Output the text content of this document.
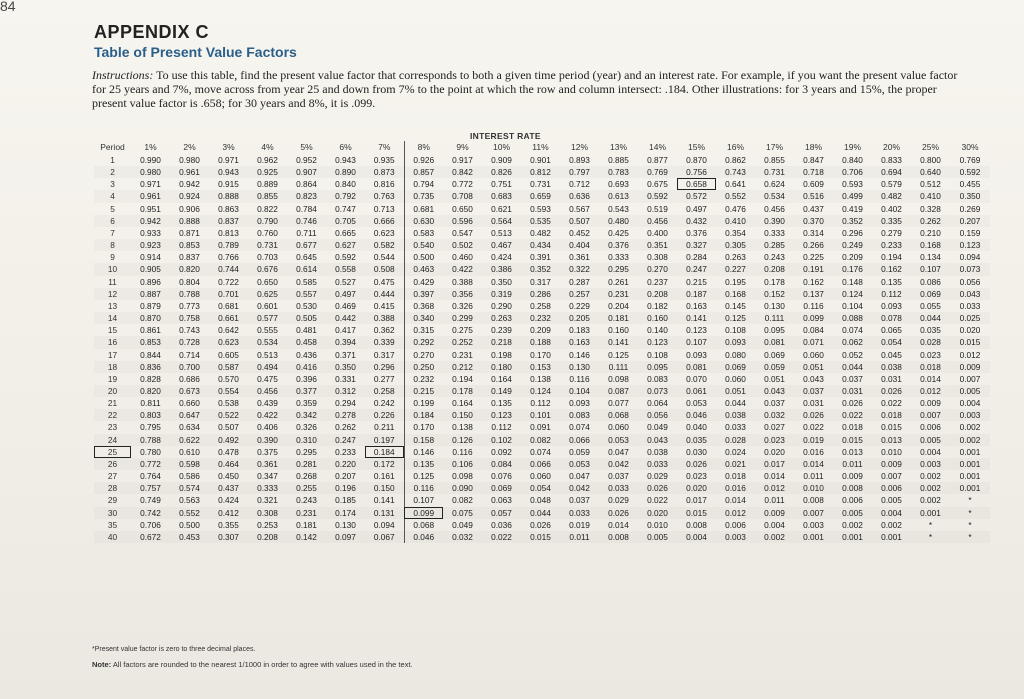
84
APPENDIX C
Table of Present Value Factors
Instructions: To use this table, find the present value factor that corresponds to both a given time period (year) and an interest rate. For example, if you want the present value factor for 25 years and 7%, move across from year 25 and down from 7% to the point at which the row and column intersect: .184. Other illustrations: for 3 years and 15%, the proper present value factor is .658; for 30 years and 8%, it is .099.
INTEREST RATE
Period	1%	2%	3%	4%	5%	6%	7%	8%	9%	10%	11%	12%	13%	14%	15%	16%	17%	18%	19%	20%	25%	30%
1	0.990	0.980	0.971	0.962	0.952	0.943	0.935	0.926	0.917	0.909	0.901	0.893	0.885	0.877	0.870	0.862	0.855	0.847	0.840	0.833	0.800	0.769
2	0.980	0.961	0.943	0.925	0.907	0.890	0.873	0.857	0.842	0.826	0.812	0.797	0.783	0.769	0.756	0.743	0.731	0.718	0.706	0.694	0.640	0.592
3	0.971	0.942	0.915	0.889	0.864	0.840	0.816	0.794	0.772	0.751	0.731	0.712	0.693	0.675	0.658	0.641	0.624	0.609	0.593	0.579	0.512	0.455
4	0.961	0.924	0.888	0.855	0.823	0.792	0.763	0.735	0.708	0.683	0.659	0.636	0.613	0.592	0.572	0.552	0.534	0.516	0.499	0.482	0.410	0.350
5	0.951	0.906	0.863	0.822	0.784	0.747	0.713	0.681	0.650	0.621	0.593	0.567	0.543	0.519	0.497	0.476	0.456	0.437	0.419	0.402	0.328	0.269
6	0.942	0.888	0.837	0.790	0.746	0.705	0.666	0.630	0.596	0.564	0.535	0.507	0.480	0.456	0.432	0.410	0.390	0.370	0.352	0.335	0.262	0.207
7	0.933	0.871	0.813	0.760	0.711	0.665	0.623	0.583	0.547	0.513	0.482	0.452	0.425	0.400	0.376	0.354	0.333	0.314	0.296	0.279	0.210	0.159
8	0.923	0.853	0.789	0.731	0.677	0.627	0.582	0.540	0.502	0.467	0.434	0.404	0.376	0.351	0.327	0.305	0.285	0.266	0.249	0.233	0.168	0.123
9	0.914	0.837	0.766	0.703	0.645	0.592	0.544	0.500	0.460	0.424	0.391	0.361	0.333	0.308	0.284	0.263	0.243	0.225	0.209	0.194	0.134	0.094
10	0.905	0.820	0.744	0.676	0.614	0.558	0.508	0.463	0.422	0.386	0.352	0.322	0.295	0.270	0.247	0.227	0.208	0.191	0.176	0.162	0.107	0.073
11	0.896	0.804	0.722	0.650	0.585	0.527	0.475	0.429	0.388	0.350	0.317	0.287	0.261	0.237	0.215	0.195	0.178	0.162	0.148	0.135	0.086	0.056
12	0.887	0.788	0.701	0.625	0.557	0.497	0.444	0.397	0.356	0.319	0.286	0.257	0.231	0.208	0.187	0.168	0.152	0.137	0.124	0.112	0.069	0.043
13	0.879	0.773	0.681	0.601	0.530	0.469	0.415	0.368	0.326	0.290	0.258	0.229	0.204	0.182	0.163	0.145	0.130	0.116	0.104	0.093	0.055	0.033
14	0.870	0.758	0.661	0.577	0.505	0.442	0.388	0.340	0.299	0.263	0.232	0.205	0.181	0.160	0.141	0.125	0.111	0.099	0.088	0.078	0.044	0.025
15	0.861	0.743	0.642	0.555	0.481	0.417	0.362	0.315	0.275	0.239	0.209	0.183	0.160	0.140	0.123	0.108	0.095	0.084	0.074	0.065	0.035	0.020
16	0.853	0.728	0.623	0.534	0.458	0.394	0.339	0.292	0.252	0.218	0.188	0.163	0.141	0.123	0.107	0.093	0.081	0.071	0.062	0.054	0.028	0.015
17	0.844	0.714	0.605	0.513	0.436	0.371	0.317	0.270	0.231	0.198	0.170	0.146	0.125	0.108	0.093	0.080	0.069	0.060	0.052	0.045	0.023	0.012
18	0.836	0.700	0.587	0.494	0.416	0.350	0.296	0.250	0.212	0.180	0.153	0.130	0.111	0.095	0.081	0.069	0.059	0.051	0.044	0.038	0.018	0.009
19	0.828	0.686	0.570	0.475	0.396	0.331	0.277	0.232	0.194	0.164	0.138	0.116	0.098	0.083	0.070	0.060	0.051	0.043	0.037	0.031	0.014	0.007
20	0.820	0.673	0.554	0.456	0.377	0.312	0.258	0.215	0.178	0.149	0.124	0.104	0.087	0.073	0.061	0.051	0.043	0.037	0.031	0.026	0.012	0.005
21	0.811	0.660	0.538	0.439	0.359	0.294	0.242	0.199	0.164	0.135	0.112	0.093	0.077	0.064	0.053	0.044	0.037	0.031	0.026	0.022	0.009	0.004
22	0.803	0.647	0.522	0.422	0.342	0.278	0.226	0.184	0.150	0.123	0.101	0.083	0.068	0.056	0.046	0.038	0.032	0.026	0.022	0.018	0.007	0.003
23	0.795	0.634	0.507	0.406	0.326	0.262	0.211	0.170	0.138	0.112	0.091	0.074	0.060	0.049	0.040	0.033	0.027	0.022	0.018	0.015	0.006	0.002
24	0.788	0.622	0.492	0.390	0.310	0.247	0.197	0.158	0.126	0.102	0.082	0.066	0.053	0.043	0.035	0.028	0.023	0.019	0.015	0.013	0.005	0.002
25	0.780	0.610	0.478	0.375	0.295	0.233	0.184	0.146	0.116	0.092	0.074	0.059	0.047	0.038	0.030	0.024	0.020	0.016	0.013	0.010	0.004	0.001
26	0.772	0.598	0.464	0.361	0.281	0.220	0.172	0.135	0.106	0.084	0.066	0.053	0.042	0.033	0.026	0.021	0.017	0.014	0.011	0.009	0.003	0.001
27	0.764	0.586	0.450	0.347	0.268	0.207	0.161	0.125	0.098	0.076	0.060	0.047	0.037	0.029	0.023	0.018	0.014	0.011	0.009	0.007	0.002	0.001
28	0.757	0.574	0.437	0.333	0.255	0.196	0.150	0.116	0.090	0.069	0.054	0.042	0.033	0.026	0.020	0.016	0.012	0.010	0.008	0.006	0.002	0.001
29	0.749	0.563	0.424	0.321	0.243	0.185	0.141	0.107	0.082	0.063	0.048	0.037	0.029	0.022	0.017	0.014	0.011	0.008	0.006	0.005	0.002	*
30	0.742	0.552	0.412	0.308	0.231	0.174	0.131	0.099	0.075	0.057	0.044	0.033	0.026	0.020	0.015	0.012	0.009	0.007	0.005	0.004	0.001	*
35	0.706	0.500	0.355	0.253	0.181	0.130	0.094	0.068	0.049	0.036	0.026	0.019	0.014	0.010	0.008	0.006	0.004	0.003	0.002	0.002	*	*
40	0.672	0.453	0.307	0.208	0.142	0.097	0.067	0.046	0.032	0.022	0.015	0.011	0.008	0.005	0.004	0.003	0.002	0.001	0.001	0.001	*	*
*Present value factor is zero to three decimal places.
Note: All factors are rounded to the nearest 1/1000 in order to agree with values used in the text.
